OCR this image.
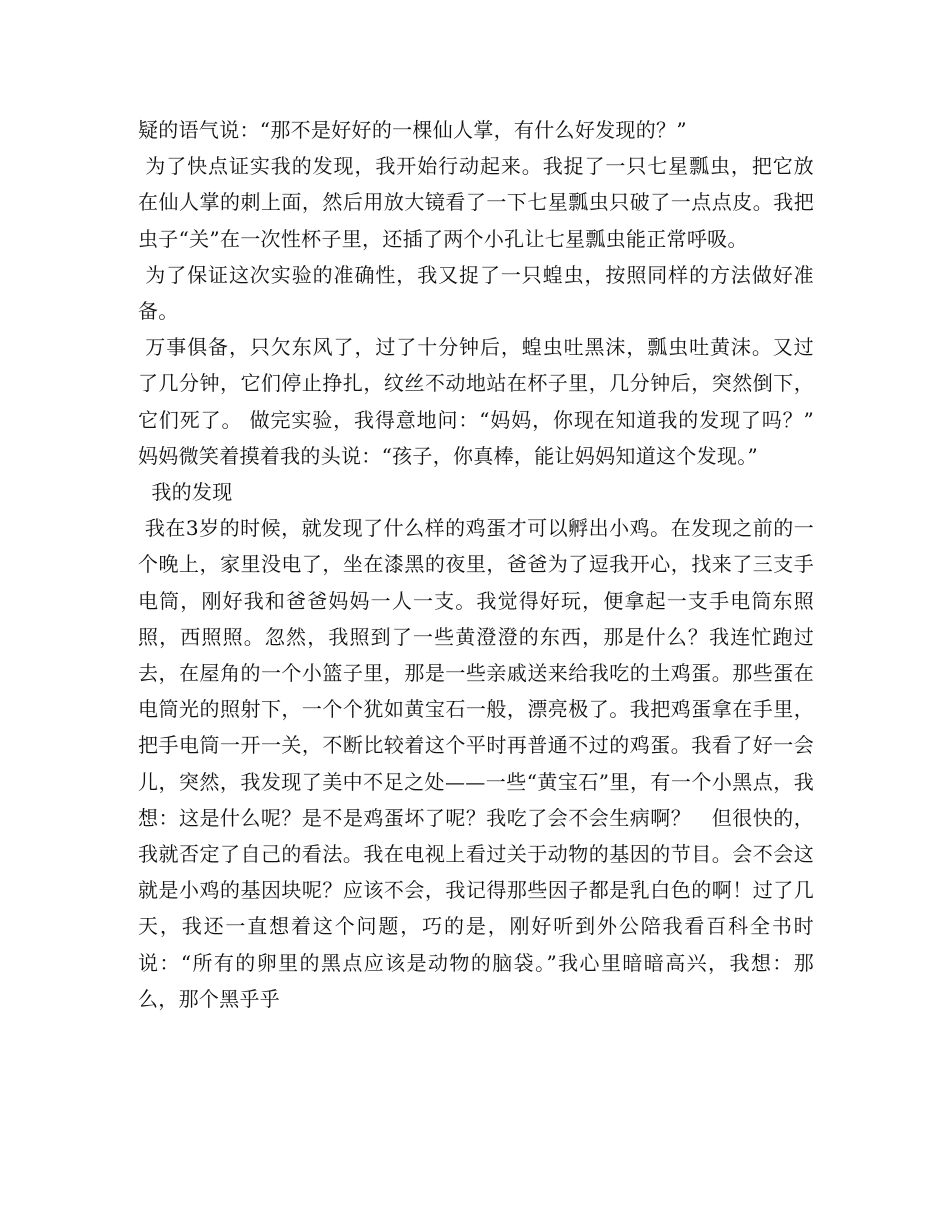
疑的语气说：“那不是好好的一棵仙人掌，有什么好发现的？”

为了快点证实我的发现，我开始行动起来。我捉了一只七星瓢虫，把它放在仙人掌的刺上面，然后用放大镜看了一下七星瓢虫只破了一点点皮。我把虫子“关”在一次性杯子里，还插了两个小孔让七星瓢虫能正常呼吸。

为了保证这次实验的准确性，我又捉了一只蝗虫，按照同样的方法做好准备。

万事俱备，只欠东风了，过了十分钟后，蝗虫吐黑沫，瓢虫吐黄沫。又过了几分钟，它们停止挣扎，纹丝不动地站在杯子里，几分钟后，突然倒下，它们死了。 做完实验，我得意地问：“妈妈，你现在知道我的发现了吗？” 妈妈微笑着摸着我的头说：“孩子，你真棒，能让妈妈知道这个发现。”

我的发现

我在3岁的时候，就发现了什么样的鸡蛋才可以孵出小鸡。在发现之前的一个晚上，家里没电了，坐在漆黑的夜里，爸爸为了逗我开心，找来了三支手电筒，刚好我和爸爸妈妈一人一支。我觉得好玩，便拿起一支手电筒东照照，西照照。忽然，我照到了一些黄澄澄的东西，那是什么？我连忙跑过去，在屋角的一个小篮子里，那是一些亲戚送来给我吃的土鸡蛋。那些蛋在电筒光的照射下，一个个犹如黄宝石一般，漂亮极了。我把鸡蛋拿在手里，把手电筒一开一关，不断比较着这个平时再普通不过的鸡蛋。我看了好一会儿，突然，我发现了美中不足之处——一些“黄宝石”里，有一个小黑点，我想：这是什么呢？是不是鸡蛋坏了呢？我吃了会不会生病啊？   但很快的，我就否定了自己的看法。我在电视上看过关于动物的基因的节目。会不会这就是小鸡的基因块呢？应该不会，我记得那些因子都是乳白色的啊！过了几天，我还一直想着这个问题，巧的是，刚好听到外公陪我看百科全书时说：“所有的卵里的黑点应该是动物的脑袋。”我心里暗暗高兴，我想：那么，那个黑乎乎
